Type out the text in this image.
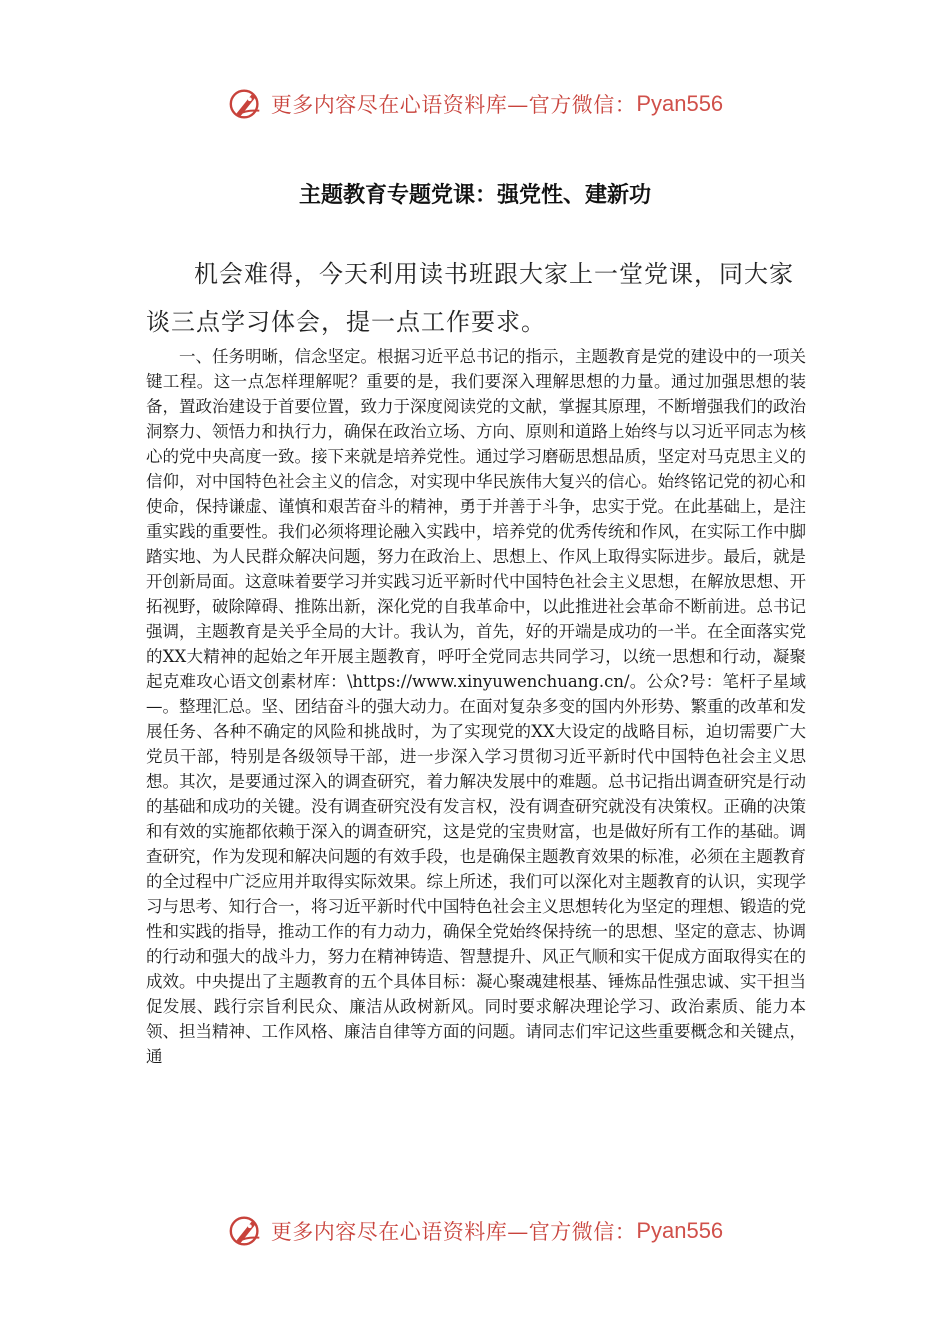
更多内容尽在心语资料库—官方微信： Pyan556
主题教育专题党课：强党性、建新功

机会难得，今天利用读书班跟大家上一堂党课，同大家谈三点学习体会，提一点工作要求。

一、任务明晰，信念坚定。根据习近平总书记的指示，主题教育是党的建设中的一项关键工程。这一点怎样理解呢？重要的是，我们要深入理解思想的力量。通过加强思想的装备，置政治建设于首要位置，致力于深度阅读党的文献，掌握其原理，不断增强我们的政治洞察力、领悟力和执行力，确保在政治立场、方向、原则和道路上始终与以习近平同志为核心的党中央高度一致。接下来就是培养党性。通过学习磨砺思想品质，坚定对马克思主义的信仰，对中国特色社会主义的信念，对实现中华民族伟大复兴的信心。始终铭记党的初心和使命，保持谦虚、谨慎和艰苦奋斗的精神，勇于并善于斗争，忠实于党。在此基础上，是注重实践的重要性。我们必须将理论融入实践中，培养党的优秀传统和作风，在实际工作中脚踏实地、为人民群众解决问题，努力在政治上、思想上、作风上取得实际进步。最后，就是开创新局面。这意味着要学习并实践习近平新时代中国特色社会主义思想，在解放思想、开拓视野，破除障碍、推陈出新，深化党的自我革命中，以此推进社会革命不断前进。总书记强调，主题教育是关乎全局的大计。我认为，首先，好的开端是成功的一半。在全面落实党的XX大精神的起始之年开展主题教育，呼吁全党同志共同学习，以统一思想和行动，凝聚起克难攻心语文创素材库：\https://www.xinyuwenchuang.cn/。公众?号：笔杆子星域—。整理汇总。坚、团结奋斗的强大动力。在面对复杂多变的国内外形势、繁重的改革和发展任务、各种不确定的风险和挑战时，为了实现党的XX大设定的战略目标，迫切需要广大党员干部，特别是各级领导干部，进一步深入学习贯彻习近平新时代中国特色社会主义思想。其次，是要通过深入的调查研究，着力解决发展中的难题。总书记指出调查研究是行动的基础和成功的关键。没有调查研究没有发言权，没有调查研究就没有决策权。正确的决策和有效的实施都依赖于深入的调查研究，这是党的宝贵财富，也是做好所有工作的基础。调查研究，作为发现和解决问题的有效手段，也是确保主题教育效果的标准，必须在主题教育的全过程中广泛应用并取得实际效果。综上所述，我们可以深化对主题教育的认识，实现学习与思考、知行合一，将习近平新时代中国特色社会主义思想转化为坚定的理想、锻造的党性和实践的指导，推动工作的有力动力，确保全党始终保持统一的思想、坚定的意志、协调的行动和强大的战斗力，努力在精神铸造、智慧提升、风正气顺和实干促成方面取得实在的成效。中央提出了主题教育的五个具体目标：凝心聚魂建根基、锤炼品性强忠诚、实干担当促发展、践行宗旨利民众、廉洁从政树新风。同时要求解决理论学习、政治素质、能力本领、担当精神、工作风格、廉洁自律等方面的问题。请同志们牢记这些重要概念和关键点，通

更多内容尽在心语资料库—官方微信： Pyan556
